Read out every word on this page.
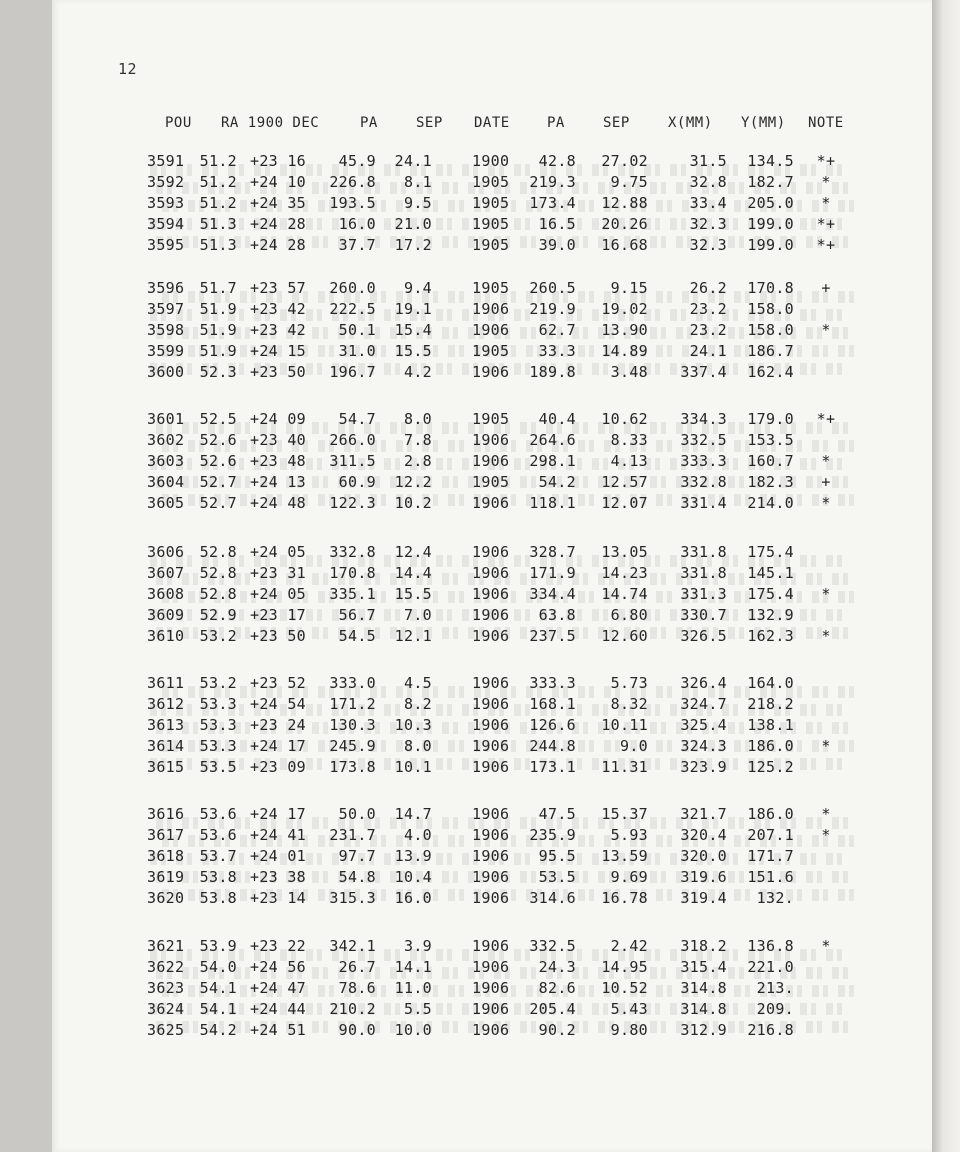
12
POU	RA 1900 DEC	PA	SEP	DATE	PA	SEP	X(MM) Y(MM)	NOTE
3591	51.2 +23 16	45.9	24.1	1900	42.8	27.02	31.5	134.5	*+
3592	51.2 +24 10	226.8	8.1	1905	219.3	9.75	32.8	182.7	*
3593	51.2 +24 35	193.5	9.5	1905	173.4	12.88	33.4	205.0	*
3594	51.3 +24 28	16.0	21.0	1905	16.5	20.26	32.3	199.0	*+
3595	51.3 +24 28	37.7	17.2	1905	39.0	16.68	32.3	199.0	*+
3596	51.7 +23 57	260.0	9.4	1905	260.5	9.15	26.2	170.8	+
3597	51.9 +23 42	222.5	19.1	1906	219.9	19.02	23.2	158.0
3598	51.9 +23 42	50.1	15.4	1906	62.7	13.90	23.2	158.0	*
3599	51.9 +24 15	31.0	15.5	1905	33.3	14.89	24.1	186.7
3600	52.3 +23 50	196.7	4.2	1906	189.8	3.48	337.4	162.4
3601	52.5 +24 09	54.7	8.0	1905	40.4	10.62	334.3	179.0	*+
3602	52.6 +23 40	266.0	7.8	1906	264.6	8.33	332.5	153.5
3603	52.6 +23 48	311.5	2.8	1906	298.1	4.13	333.3	160.7	*
3604	52.7 +24 13	60.9	12.2	1905	54.2	12.57	332.8	182.3	+
3605	52.7 +24 48	122.3	10.2	1906	118.1	12.07	331.4	214.0	*
3606	52.8 +24 05	332.8	12.4	1906	328.7	13.05	331.8	175.4
3607	52.8 +23 31	170.8	14.4	1906	171.9	14.23	331.8	145.1
3608	52.8 +24 05	335.1	15.5	1906	334.4	14.74	331.3	175.4	*
3609	52.9 +23 17	56.7	7.0	1906	63.8	6.80	330.7	132.9
3610	53.2 +23 50	54.5	12.1	1906	237.5	12.60	326.5	162.3	*
3611	53.2 +23 52	333.0	4.5	1906	333.3	5.73	326.4	164.0
3612	53.3 +24 54	171.2	8.2	1906	168.1	8.32	324.7	218.2
3613	53.3 +23 24	130.3	10.3	1906	126.6	10.11	325.4	138.1
3614	53.3 +24 17	245.9	8.0	1906	244.8	9.0	324.3	186.0	*
3615	53.5 +23 09	173.8	10.1	1906	173.1	11.31	323.9	125.2
3616	53.6 +24 17	50.0	14.7	1906	47.5	15.37	321.7	186.0	*
3617	53.6 +24 41	231.7	4.0	1906	235.9	5.93	320.4	207.1	*
3618	53.7 +24 01	97.7	13.9	1906	95.5	13.59	320.0	171.7
3619	53.8 +23 38	54.8	10.4	1906	53.5	9.69	319.6	151.6
3620	53.8 +23 14	315.3	16.0	1906	314.6	16.78	319.4	132.
3621	53.9 +23 22	342.1	3.9	1906	332.5	2.42	318.2	136.8	*
3622	54.0 +24 56	26.7	14.1	1906	24.3	14.95	315.4	221.0
3623	54.1 +24 47	78.6	11.0	1906	82.6	10.52	314.8	213.
3624	54.1 +24 44	210.2	5.5	1906	205.4	5.43	314.8	209.
3625	54.2 +24 51	90.0	10.0	1906	90.2	9.80	312.9	216.8
